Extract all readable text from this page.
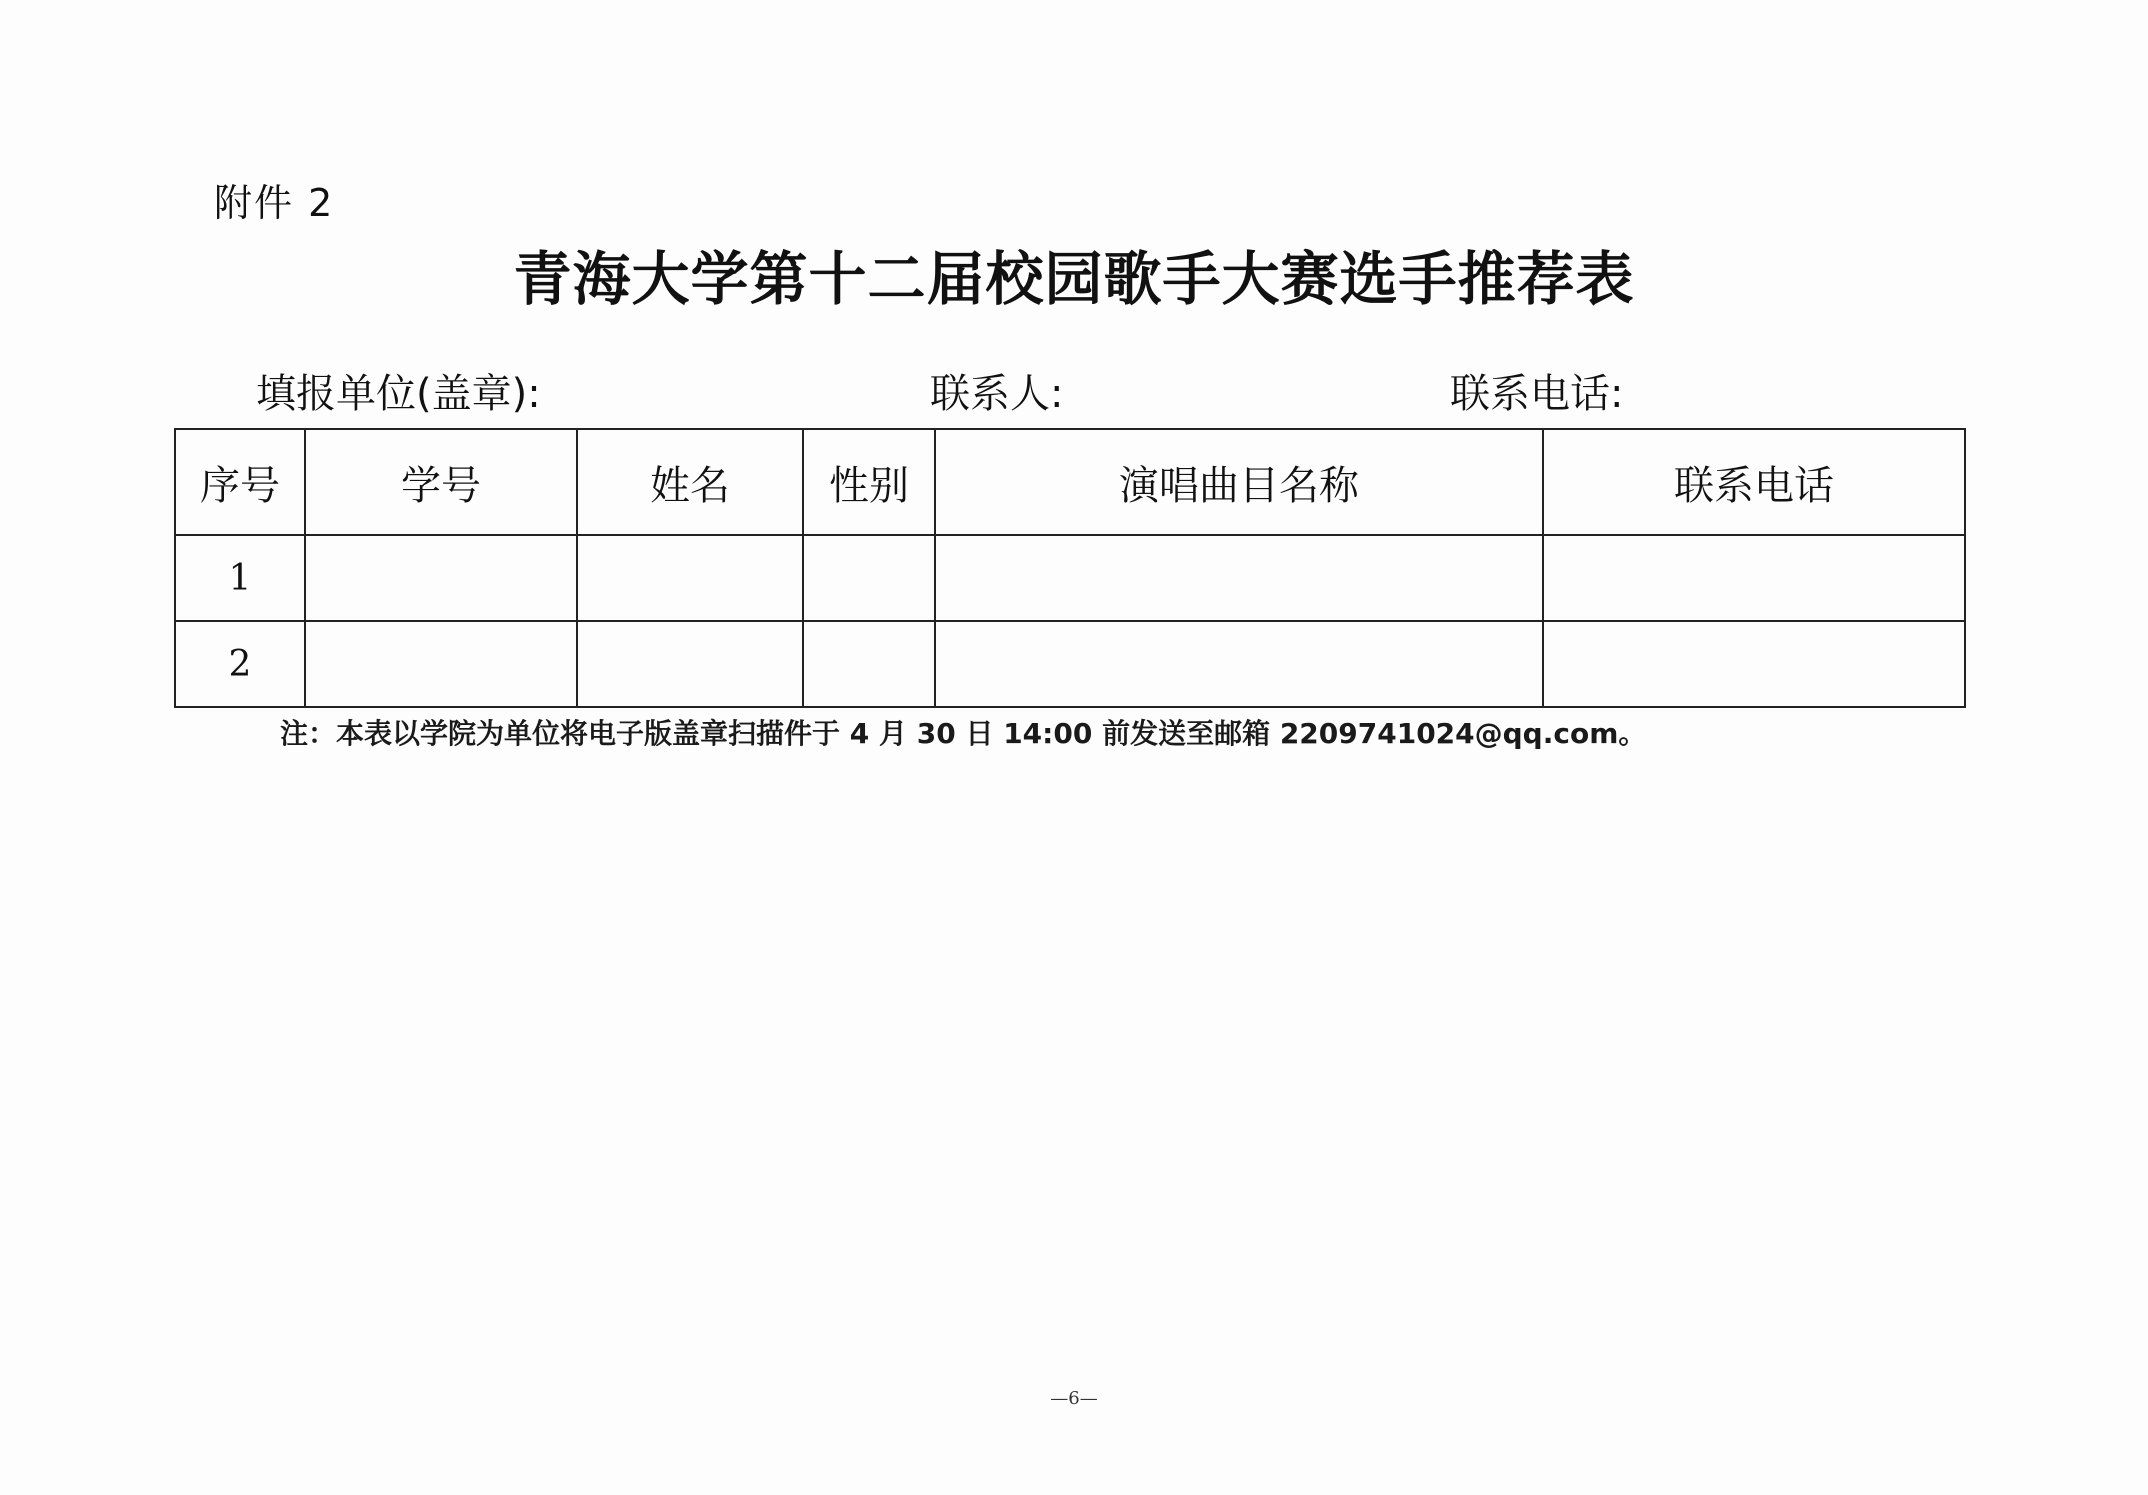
附件 2
青海大学第十二届校园歌手大赛选手推荐表
填报单位(盖章):	联系人:	联系电话:
序号	学号	姓名	性别	演唱曲目名称	联系电话
1					
2					
注：本表以学院为单位将电子版盖章扫描件于 4 月 30 日 14:00 前发送至邮箱 2209741024@qq.com。
—6—
